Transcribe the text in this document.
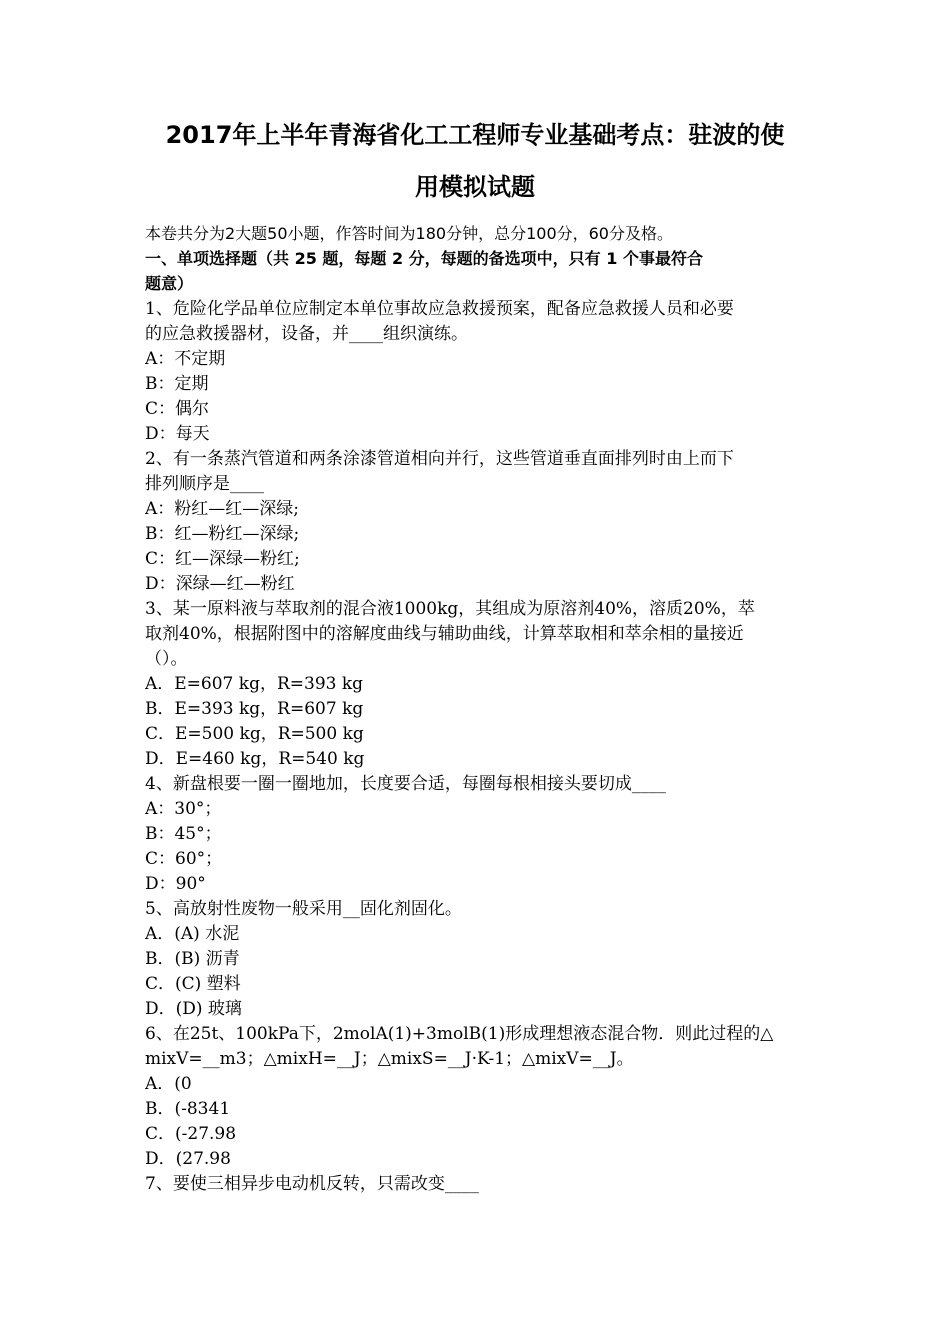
2017年上半年青海省化工工程师专业基础考点：驻波的使
用模拟试题
本卷共分为2大题50小题，作答时间为180分钟，总分100分，60分及格。
一、单项选择题（共 25 题，每题 2 分，每题的备选项中，只有 1 个事最符合
题意）
1、危险化学品单位应制定本单位事故应急救援预案，配备应急救援人员和必要
的应急救援器材，设备，并____组织演练。
A：不定期
B：定期
C：偶尔
D：每天
2、有一条蒸汽管道和两条涂漆管道相向并行，这些管道垂直面排列时由上而下
排列顺序是____
A：粉红—红—深绿;
B：红—粉红—深绿;
C：红—深绿—粉红;
D：深绿—红—粉红
3、某一原料液与萃取剂的混合液1000kg，其组成为原溶剂40%，溶质20%，萃
取剂40%，根据附图中的溶解度曲线与辅助曲线，计算萃取相和萃余相的量接近
（）。
A．E=607 kg，R=393 kg
B．E=393 kg，R=607 kg
C．E=500 kg，R=500 kg
D．E=460 kg，R=540 kg
4、新盘根要一圈一圈地加，长度要合适，每圈每根相接头要切成____
A：30°；
B：45°；
C：60°；
D：90°
5、高放射性废物一般采用__固化剂固化。
A．(A) 水泥
B．(B) 沥青
C．(C) 塑料
D．(D) 玻璃
6、在25t、100kPa下，2molA(1)+3molB(1)形成理想液态混合物．则此过程的△
mixV=__m3；△mixH=__J；△mixS=__J·K-1；△mixV=__J。
A．(0
B．(-8341
C．(-27.98
D．(27.98
7、要使三相异步电动机反转，只需改变____
